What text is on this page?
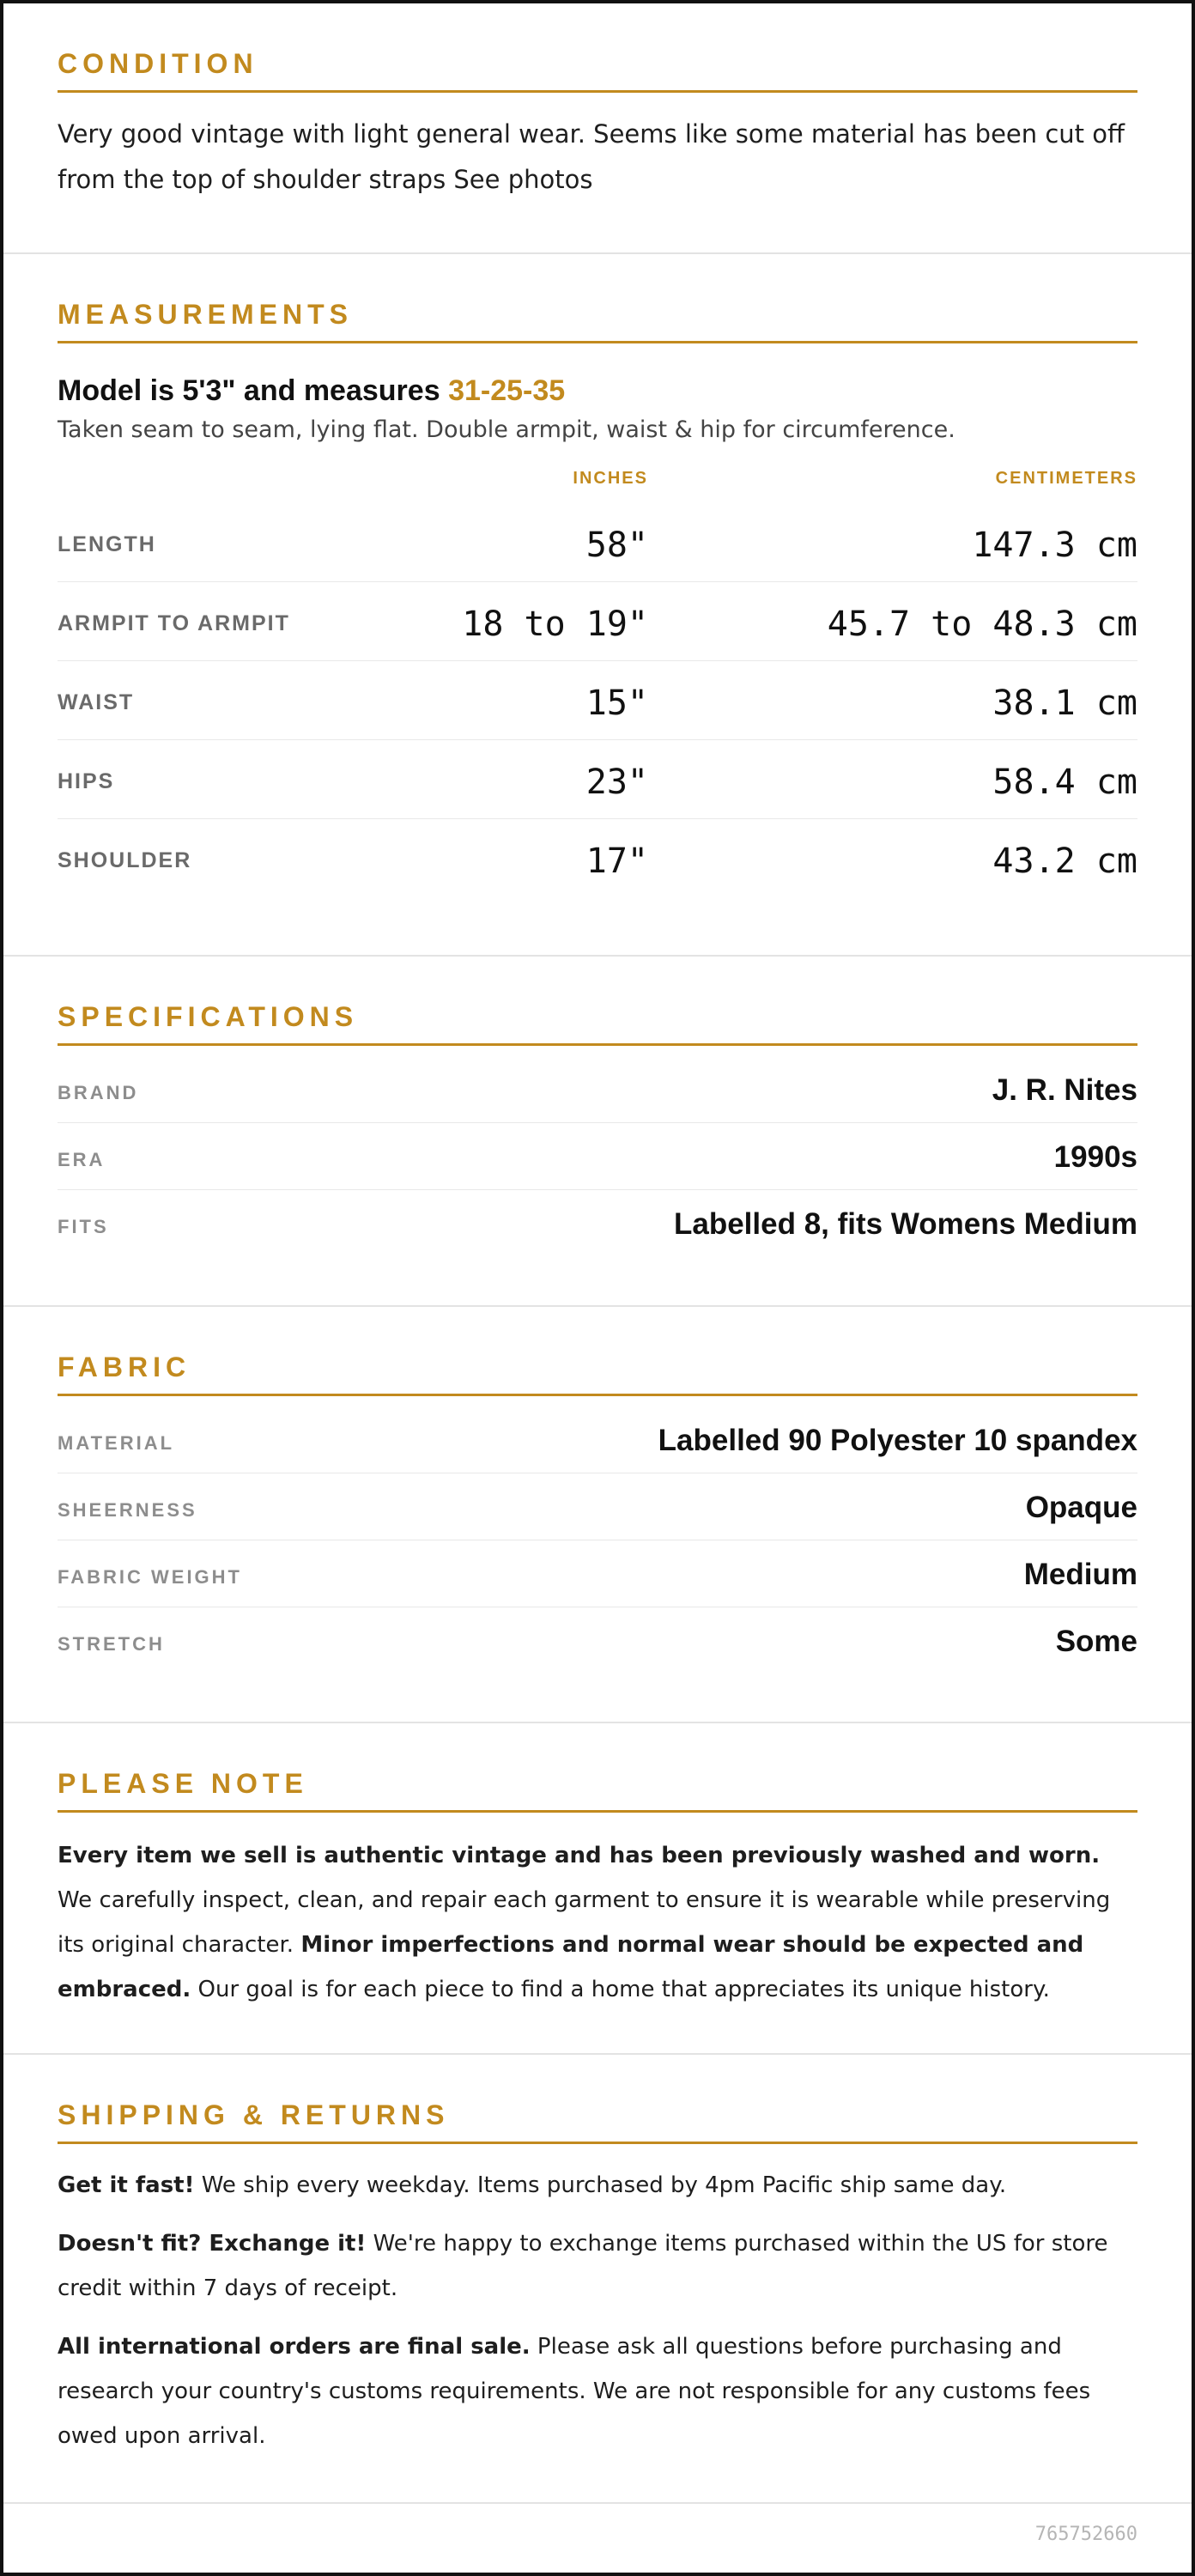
CONDITION

Very good vintage with light general wear. Seems like some material has been cut off from the top of shoulder straps See photos

MEASUREMENTS
Model is 5'3" and measures 31-25-35

Taken seam to seam, lying flat. Double armpit, waist & hip for circumference.

INCHES	CENTIMETERS
LENGTH	58"	147.3 cm
ARMPIT TO ARMPIT	18 to 19"	45.7 to 48.3 cm
WAIST	15"	38.1 cm
HIPS	23"	58.4 cm
SHOULDER	17"	43.2 cm
SPECIFICATIONS
BRAND	J. R. Nites
ERA	1990s
FITS	Labelled 8, fits Womens Medium
FABRIC
MATERIAL	Labelled 90 Polyester 10 spandex
SHEERNESS	Opaque
FABRIC WEIGHT	Medium
STRETCH	Some
PLEASE NOTE

Every item we sell is authentic vintage and has been previously washed and worn. We carefully inspect, clean, and repair each garment to ensure it is wearable while preserving its original character. Minor imperfections and normal wear should be expected and embraced. Our goal is for each piece to find a home that appreciates its unique history.

SHIPPING & RETURNS

Get it fast! We ship every weekday. Items purchased by 4pm Pacific ship same day.

Doesn't fit? Exchange it! We're happy to exchange items purchased within the US for store credit within 7 days of receipt.

All international orders are final sale. Please ask all questions before purchasing and research your country's customs requirements. We are not responsible for any customs fees owed upon arrival.

765752660
